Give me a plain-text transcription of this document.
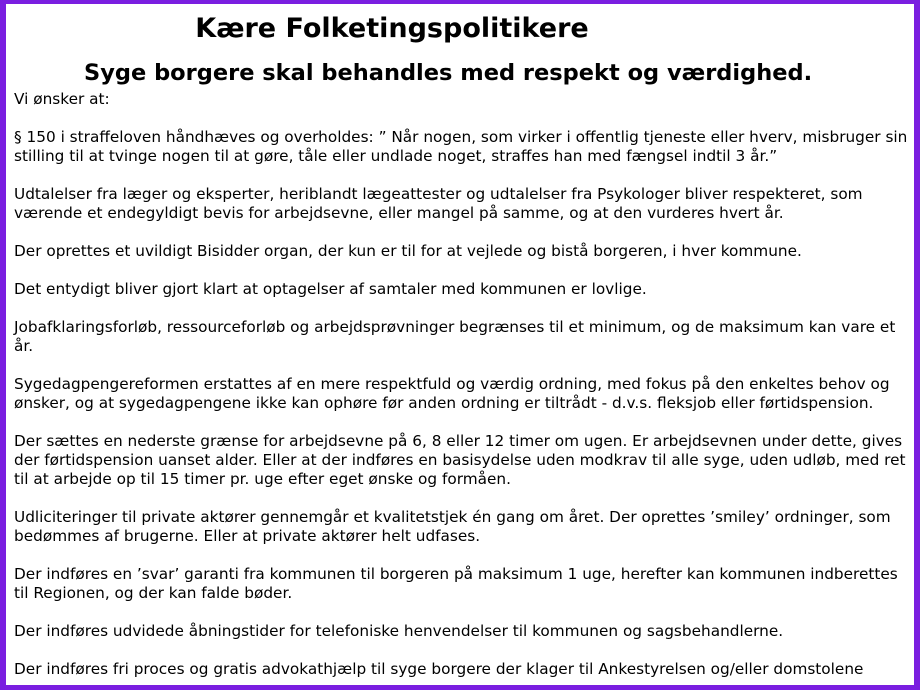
Kære Folketingspolitikere
Syge borgere skal behandles med respekt og værdighed.

Vi ønsker at:

§ 150 i straffeloven håndhæves og overholdes: ” Når nogen, som virker i offentlig tjeneste eller hverv, misbruger sin stilling til at tvinge nogen til at gøre, tåle eller undlade noget, straffes han med fængsel indtil 3 år.”

Udtalelser fra læger og eksperter, heriblandt lægeattester og udtalelser fra Psykologer bliver respekteret, som værende et endegyldigt bevis for arbejdsevne, eller mangel på samme, og at den vurderes hvert år.

Der oprettes et uvildigt Bisidder organ, der kun er til for at vejlede og bistå borgeren, i hver kommune.

Det entydigt bliver gjort klart at optagelser af samtaler med kommunen er lovlige.

Jobafklaringsforløb, ressourceforløb og arbejdsprøvninger begrænses til et minimum, og de maksimum kan vare et år.

Sygedagpengereformen erstattes af en mere respektfuld og værdig ordning, med fokus på den enkeltes behov og ønsker, og at sygedagpengene ikke kan ophøre før anden ordning er tiltrådt - d.v.s. fleksjob eller førtidspension.

Der sættes en nederste grænse for arbejdsevne på 6, 8 eller 12 timer om ugen. Er arbejdsevnen under dette, gives der førtidspension uanset alder. Eller at der indføres en basisydelse uden modkrav til alle syge, uden udløb, med ret til at arbejde op til 15 timer pr. uge efter eget ønske og formåen.

Udliciteringer til private aktører gennemgår et kvalitetstjek én gang om året. Der oprettes ’smiley’ ordninger, som bedømmes af brugerne. Eller at private aktører helt udfases.

Der indføres en ’svar’ garanti fra kommunen til borgeren på maksimum 1 uge, herefter kan kommunen indberettes til Regionen, og der kan falde bøder.

Der indføres udvidede åbningstider for telefoniske henvendelser til kommunen og sagsbehandlerne.

Der indføres fri proces og gratis advokathjælp til syge borgere der klager til Ankestyrelsen og/eller domstolene
